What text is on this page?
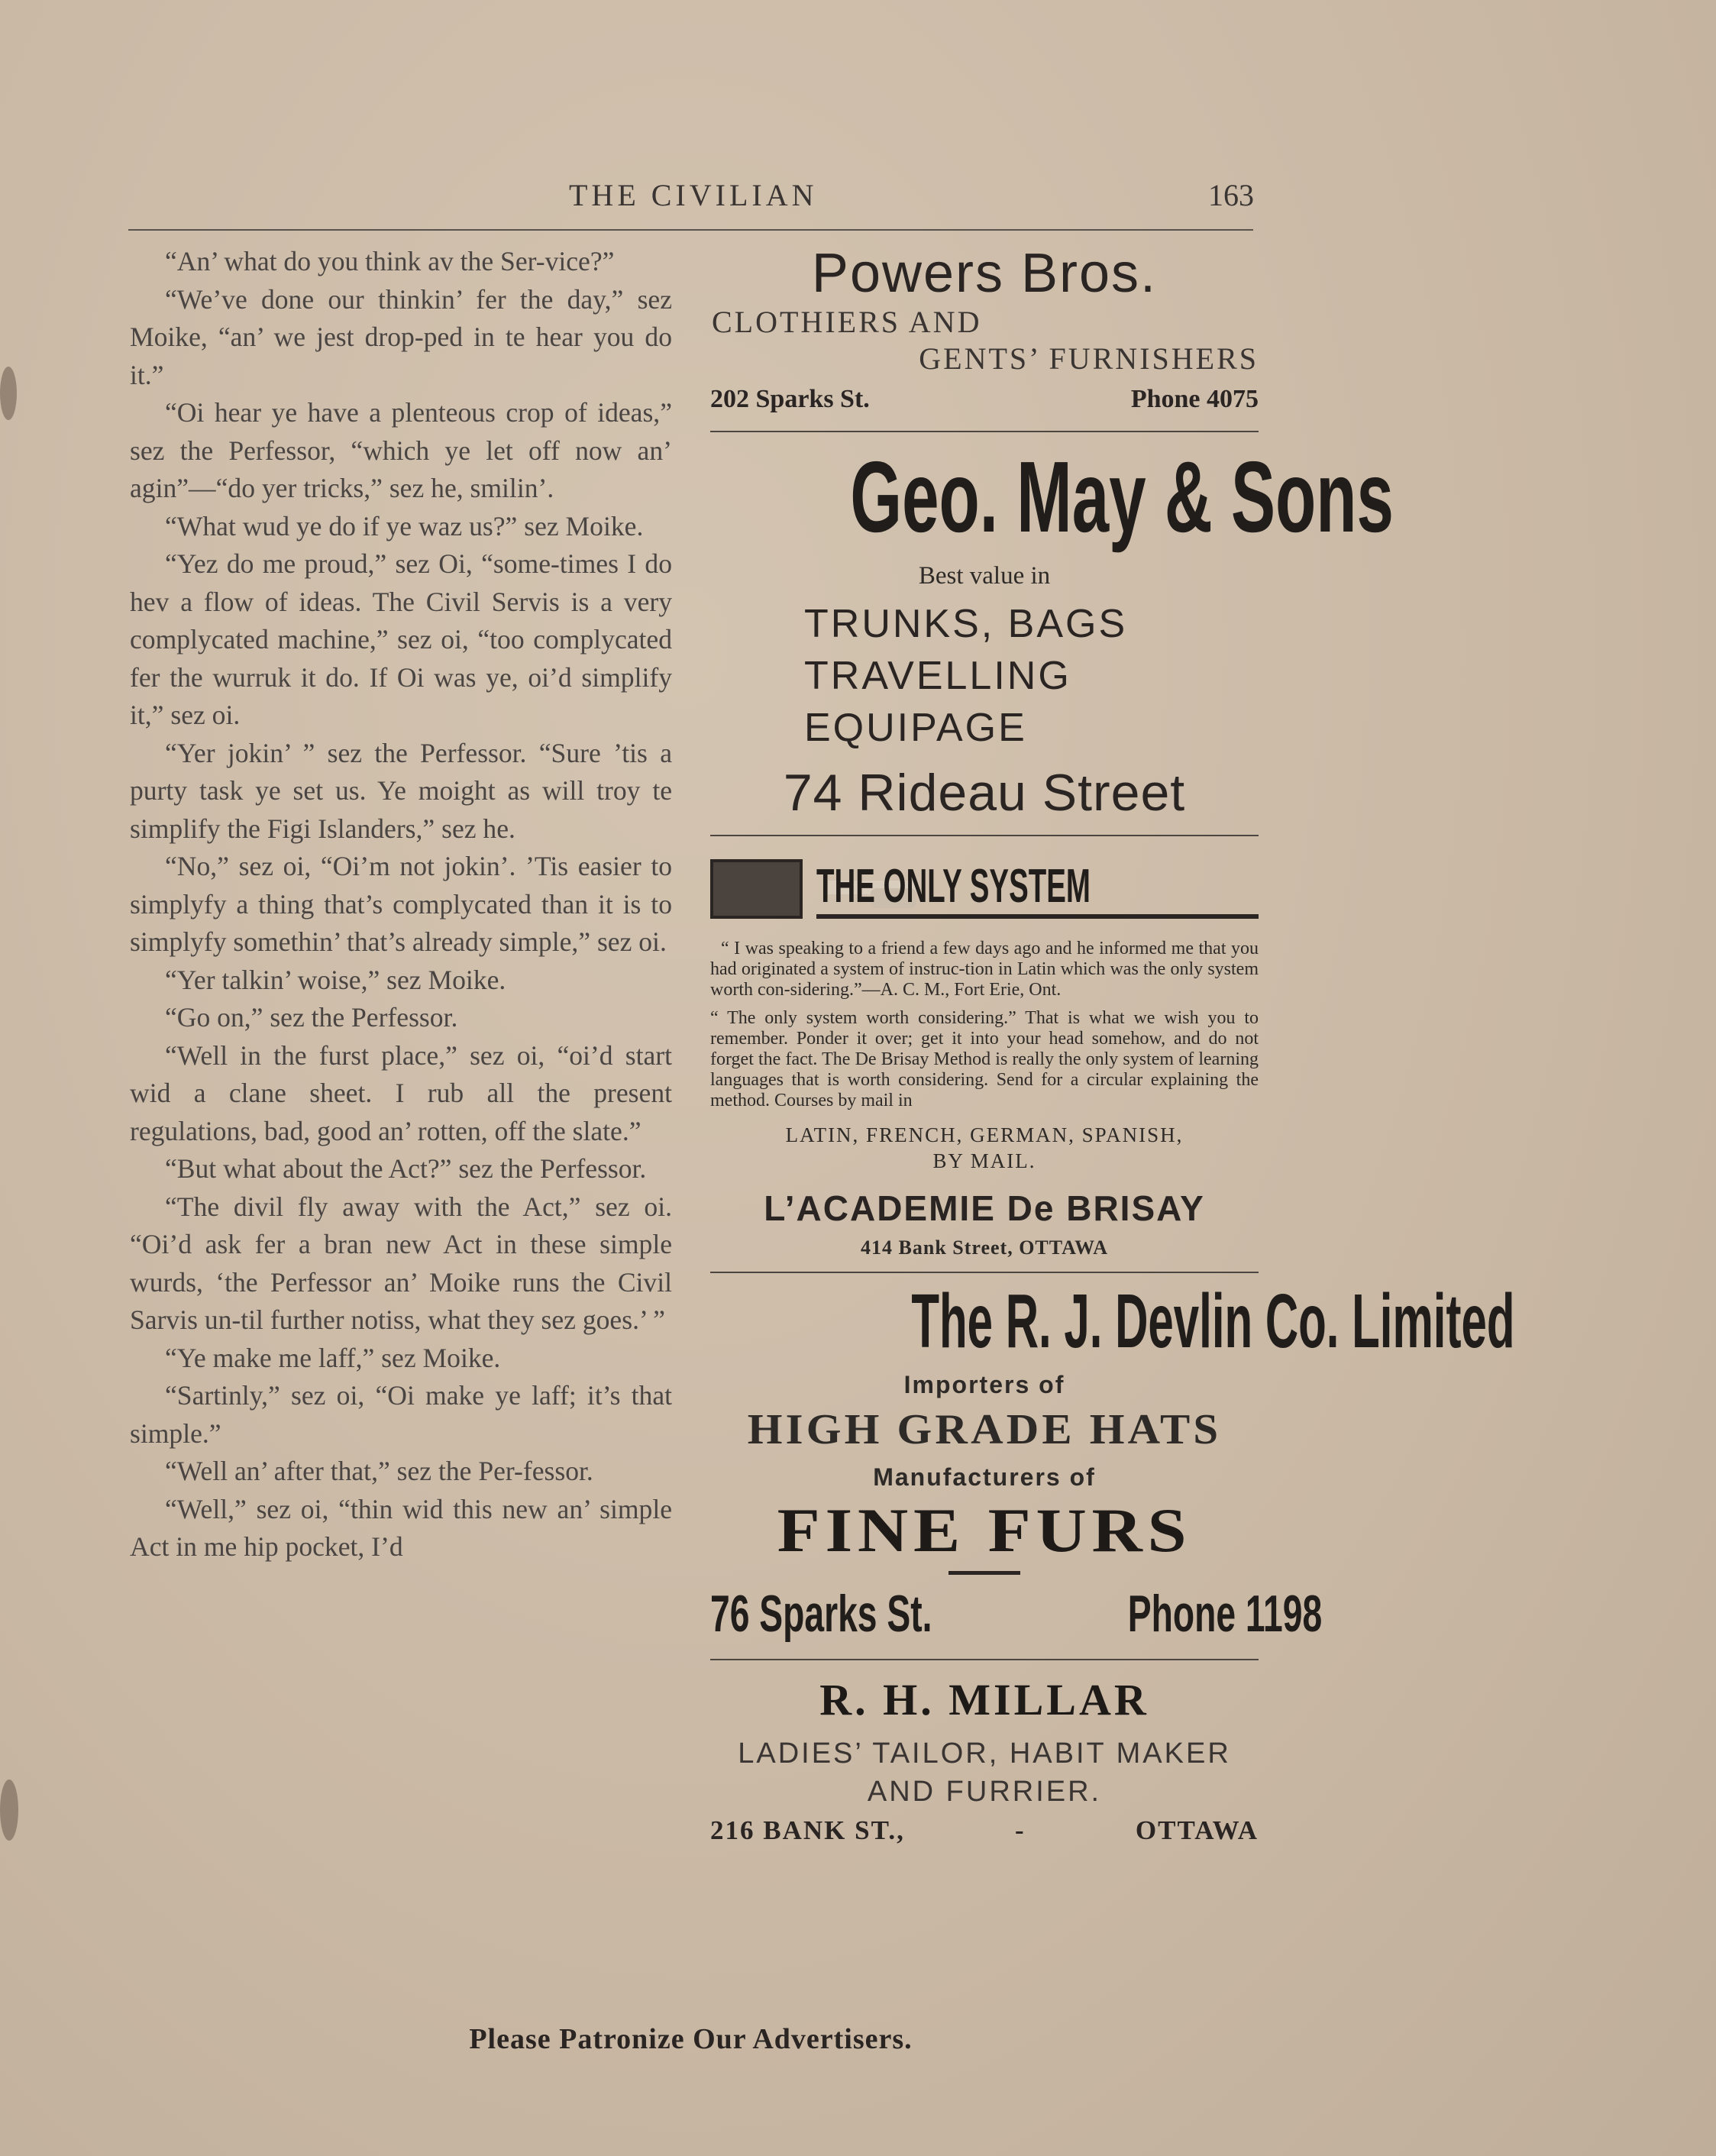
THE CIVILIAN	163

“An’ what do you think av the Ser-vice?”

“We’ve done our thinkin’ fer the day,” sez Moike, “an’ we jest drop-ped in te hear you do it.”

“Oi hear ye have a plenteous crop of ideas,” sez the Perfessor, “which ye let off now an’ agin”—“do yer tricks,” sez he, smilin’.

“What wud ye do if ye waz us?” sez Moike.

“Yez do me proud,” sez Oi, “some-times I do hev a flow of ideas. The Civil Servis is a very complycated machine,” sez oi, “too complycated fer the wurruk it do. If Oi was ye, oi’d simplify it,” sez oi.

“Yer jokin’ ” sez the Perfessor. “Sure ’tis a purty task ye set us. Ye moight as will troy te simplify the Figi Islanders,” sez he.

“No,” sez oi, “Oi’m not jokin’. ’Tis easier to simplyfy a thing that’s complycated than it is to simplyfy somethin’ that’s already simple,” sez oi.

“Yer talkin’ woise,” sez Moike.

“Go on,” sez the Perfessor.

“Well in the furst place,” sez oi, “oi’d start wid a clane sheet. I rub all the present regulations, bad, good an’ rotten, off the slate.”

“But what about the Act?” sez the Perfessor.

“The divil fly away with the Act,” sez oi. “Oi’d ask fer a bran new Act in these simple wurds, ‘the Perfessor an’ Moike runs the Civil Sarvis un-til further notiss, what they sez goes.’ ”

“Ye make me laff,” sez Moike.

“Sartinly,” sez oi, “Oi make ye laff; it’s that simple.”

“Well an’ after that,” sez the Per-fessor.

“Well,” sez oi, “thin wid this new an’ simple Act in me hip pocket, I’d

Powers Bros.
CLOTHIERS AND
GENTS’ FURNISHERS
202 Sparks St.	Phone 4075
Geo. May & Sons
Best value in
TRUNKS, BAGS
TRAVELLING
EQUIPAGE
74 Rideau Street
THE ONLY SYSTEM

“ I was speaking to a friend a few days ago and he informed me that you had originated a system of instruc-tion in Latin which was the only system worth con-sidering.”—A. C. M., Fort Erie, Ont.

“ The only system worth considering.” That is what we wish you to remember. Ponder it over; get it into your head somehow, and do not forget the fact. The De Brisay Method is really the only system of learning languages that is worth considering. Send for a circular explaining the method. Courses by mail in

LATIN, FRENCH, GERMAN, SPANISH,
BY MAIL.
L’ACADEMIE De BRISAY
414 Bank Street, OTTAWA
The R. J. Devlin Co. Limited
Importers of
HIGH GRADE HATS
Manufacturers of
FINE FURS
76 Sparks St.	Phone 1198
R. H. MILLAR
LADIES’ TAILOR, HABIT MAKER
AND FURRIER.
216 BANK ST.,	-	OTTAWA
Please Patronize Our Advertisers.
